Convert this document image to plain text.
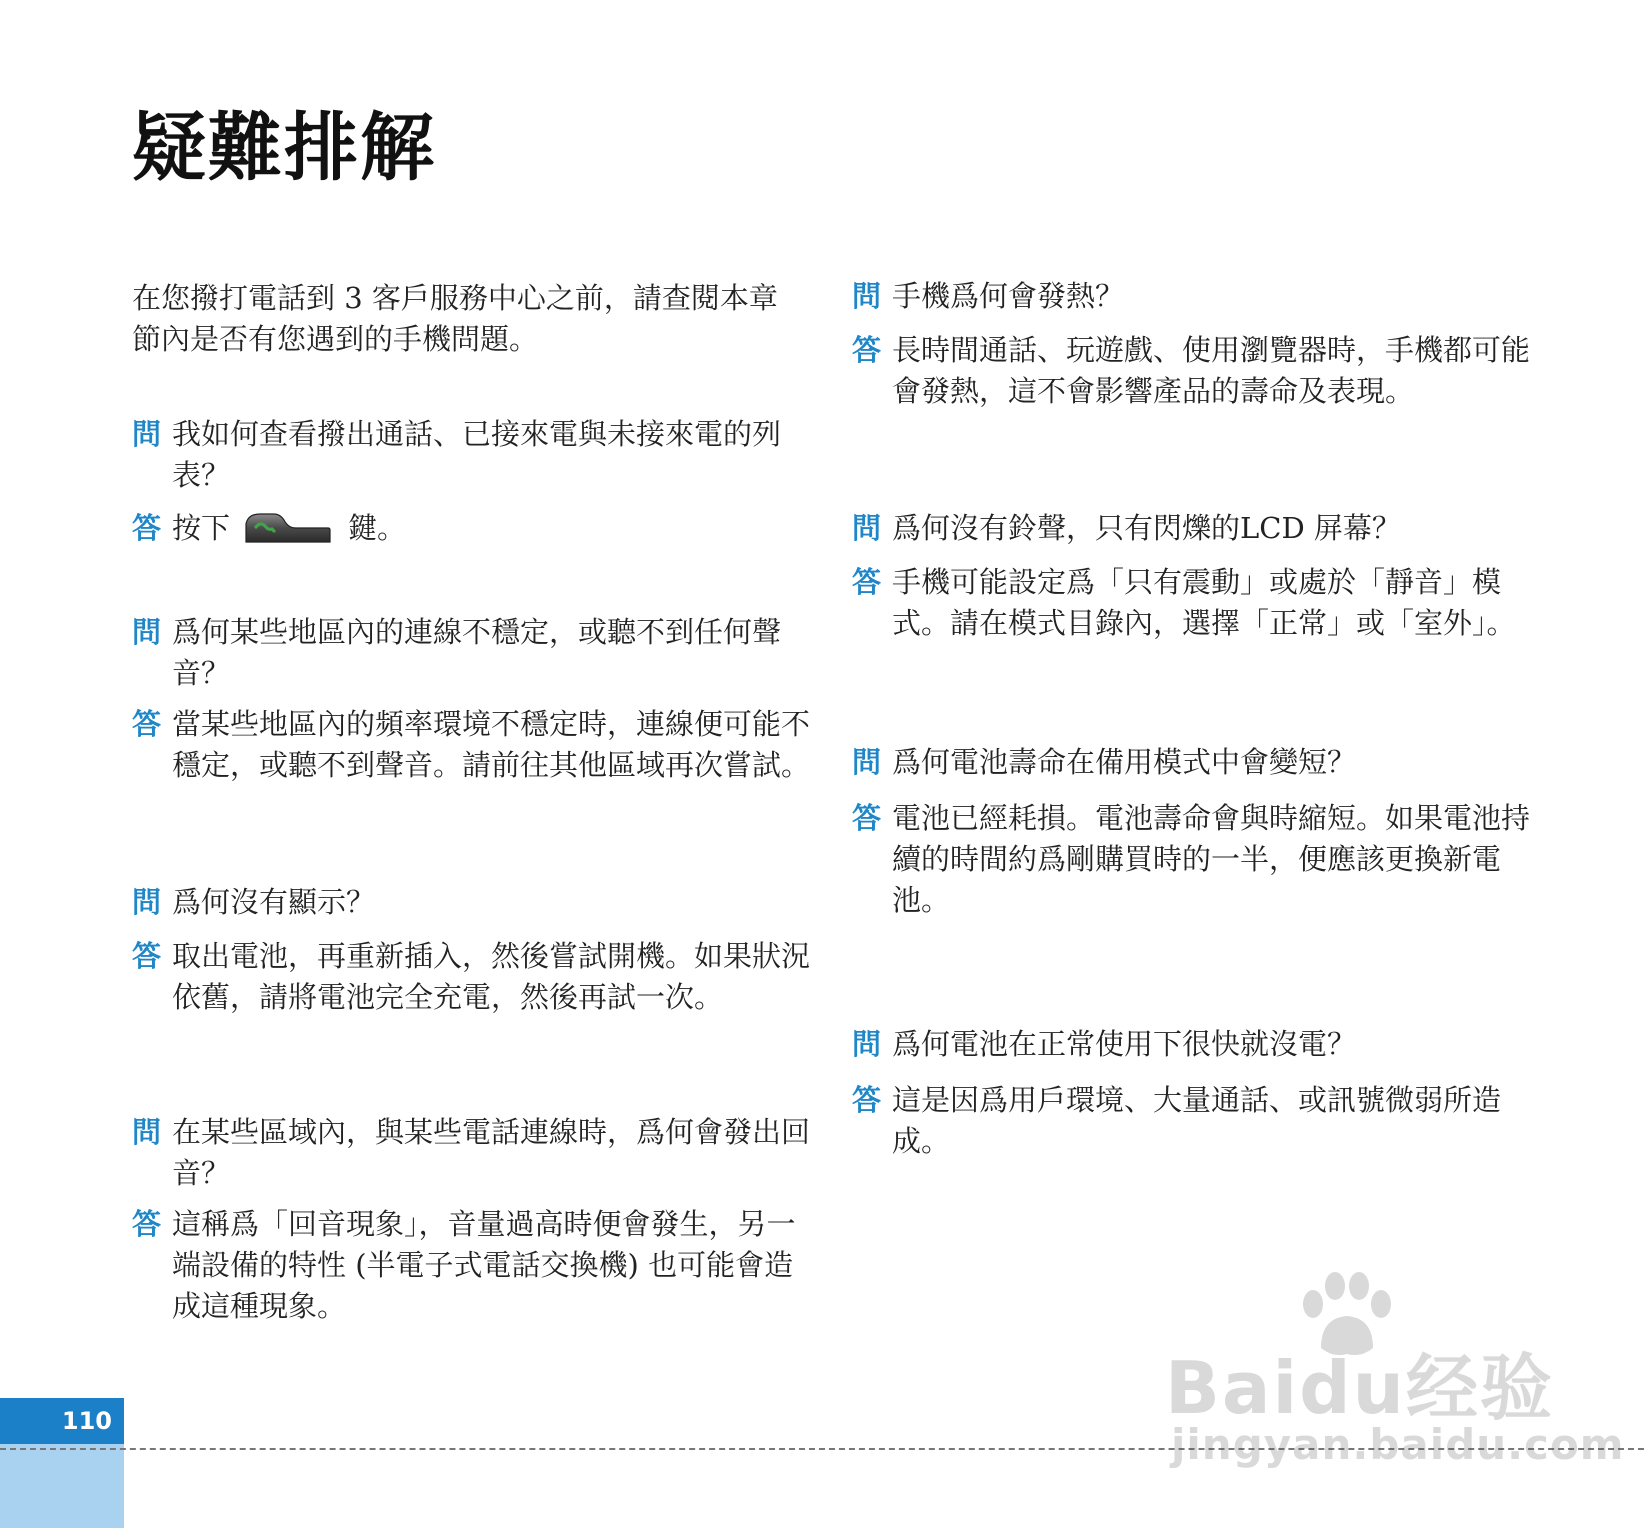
疑難排解

在您撥打電話到 3 客戶服務中心之前，請查閱本章節內是否有您遇到的手機問題。

問 我如何查看撥出通話、已接來電與未接來電的列表？

答 按下	鍵。

問 爲何某些地區內的連線不穩定，或聽不到任何聲音？

答 當某些地區內的頻率環境不穩定時，連線便可能不穩定，或聽不到聲音。請前往其他區域再次嘗試。

問 爲何沒有顯示？

答 取出電池，再重新插入，然後嘗試開機。如果狀況依舊，請將電池完全充電，然後再試一次。

問 在某些區域內，與某些電話連線時，爲何會發出回音？

答 這稱爲「回音現象」，音量過高時便會發生，另一端設備的特性 (半電子式電話交換機) 也可能會造成這種現象。

問 手機爲何會發熱？

答 長時間通話、玩遊戲、使用瀏覽器時，手機都可能會發熱，這不會影響產品的壽命及表現。

問 爲何沒有鈴聲，只有閃爍的LCD 屏幕？

答 手機可能設定爲「只有震動」或處於「靜音」模式。請在模式目錄內，選擇「正常」或「室外」。

問 爲何電池壽命在備用模式中會變短？

答 電池已經耗損。電池壽命會與時縮短。如果電池持續的時間約爲剛購買時的一半，便應該更換新電池。

問 爲何電池在正常使用下很快就沒電？

答 這是因爲用戶環境、大量通話、或訊號微弱所造成。

110	Baidu经验
jingyan.baidu.com
